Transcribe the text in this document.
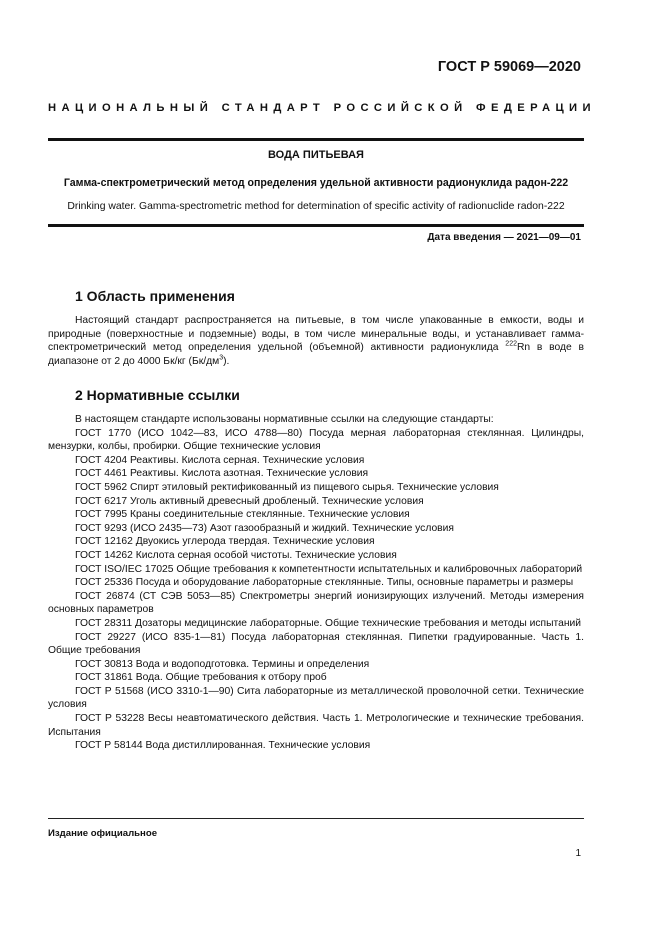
ГОСТ Р 59069—2020
НАЦИОНАЛЬНЫЙ СТАНДАРТ РОССИЙСКОЙ ФЕДЕРАЦИИ
ВОДА ПИТЬЕВАЯ
Гамма-спектрометрический метод определения удельной активности радионуклида радон-222
Drinking water. Gamma-spectrometric method for determination of specific activity of radionuclide radon-222
Дата введения — 2021—09—01
1 Область применения

Настоящий стандарт распространяется на питьевые, в том числе упакованные в емкости, воды и природные (поверхностные и подземные) воды, в том числе минеральные воды, и устанавливает гамма-спектрометрический метод определения удельной (объемной) активности радионуклида $^{222}$Rn в воде в диапазоне от 2 до 4000 Бк/кг $(Бк/дм^3)$.

2 Нормативные ссылки

В настоящем стандарте использованы нормативные ссылки на следующие стандарты:

ГОСТ 1770 (ИСО 1042—83, ИСО 4788—80) Посуда мерная лабораторная стеклянная. Цилиндры, мензурки, колбы, пробирки. Общие технические условия

ГОСТ 4204 Реактивы. Кислота серная. Технические условия

ГОСТ 4461 Реактивы. Кислота азотная. Технические условия

ГОСТ 5962 Спирт этиловый ректификованный из пищевого сырья. Технические условия

ГОСТ 6217 Уголь активный древесный дробленый. Технические условия

ГОСТ 7995 Краны соединительные стеклянные. Технические условия

ГОСТ 9293 (ИСО 2435—73) Азот газообразный и жидкий. Технические условия

ГОСТ 12162 Двуокись углерода твердая. Технические условия

ГОСТ 14262 Кислота серная особой чистоты. Технические условия

ГОСТ ISO/IEC 17025 Общие требования к компетентности испытательных и калибровочных лабораторий

ГОСТ 25336 Посуда и оборудование лабораторные стеклянные. Типы, основные параметры и размеры

ГОСТ 26874 (СТ СЭВ 5053—85) Спектрометры энергий ионизирующих излучений. Методы измерения основных параметров

ГОСТ 28311 Дозаторы медицинские лабораторные. Общие технические требования и методы испытаний

ГОСТ 29227 (ИСО 835-1—81) Посуда лабораторная стеклянная. Пипетки градуированные. Часть 1. Общие требования

ГОСТ 30813 Вода и водоподготовка. Термины и определения

ГОСТ 31861 Вода. Общие требования к отбору проб

ГОСТ Р 51568 (ИСО 3310-1—90) Сита лабораторные из металлической проволочной сетки. Технические условия

ГОСТ Р 53228 Весы неавтоматического действия. Часть 1. Метрологические и технические требования. Испытания

ГОСТ Р 58144 Вода дистиллированная. Технические условия

Издание официальное
1
